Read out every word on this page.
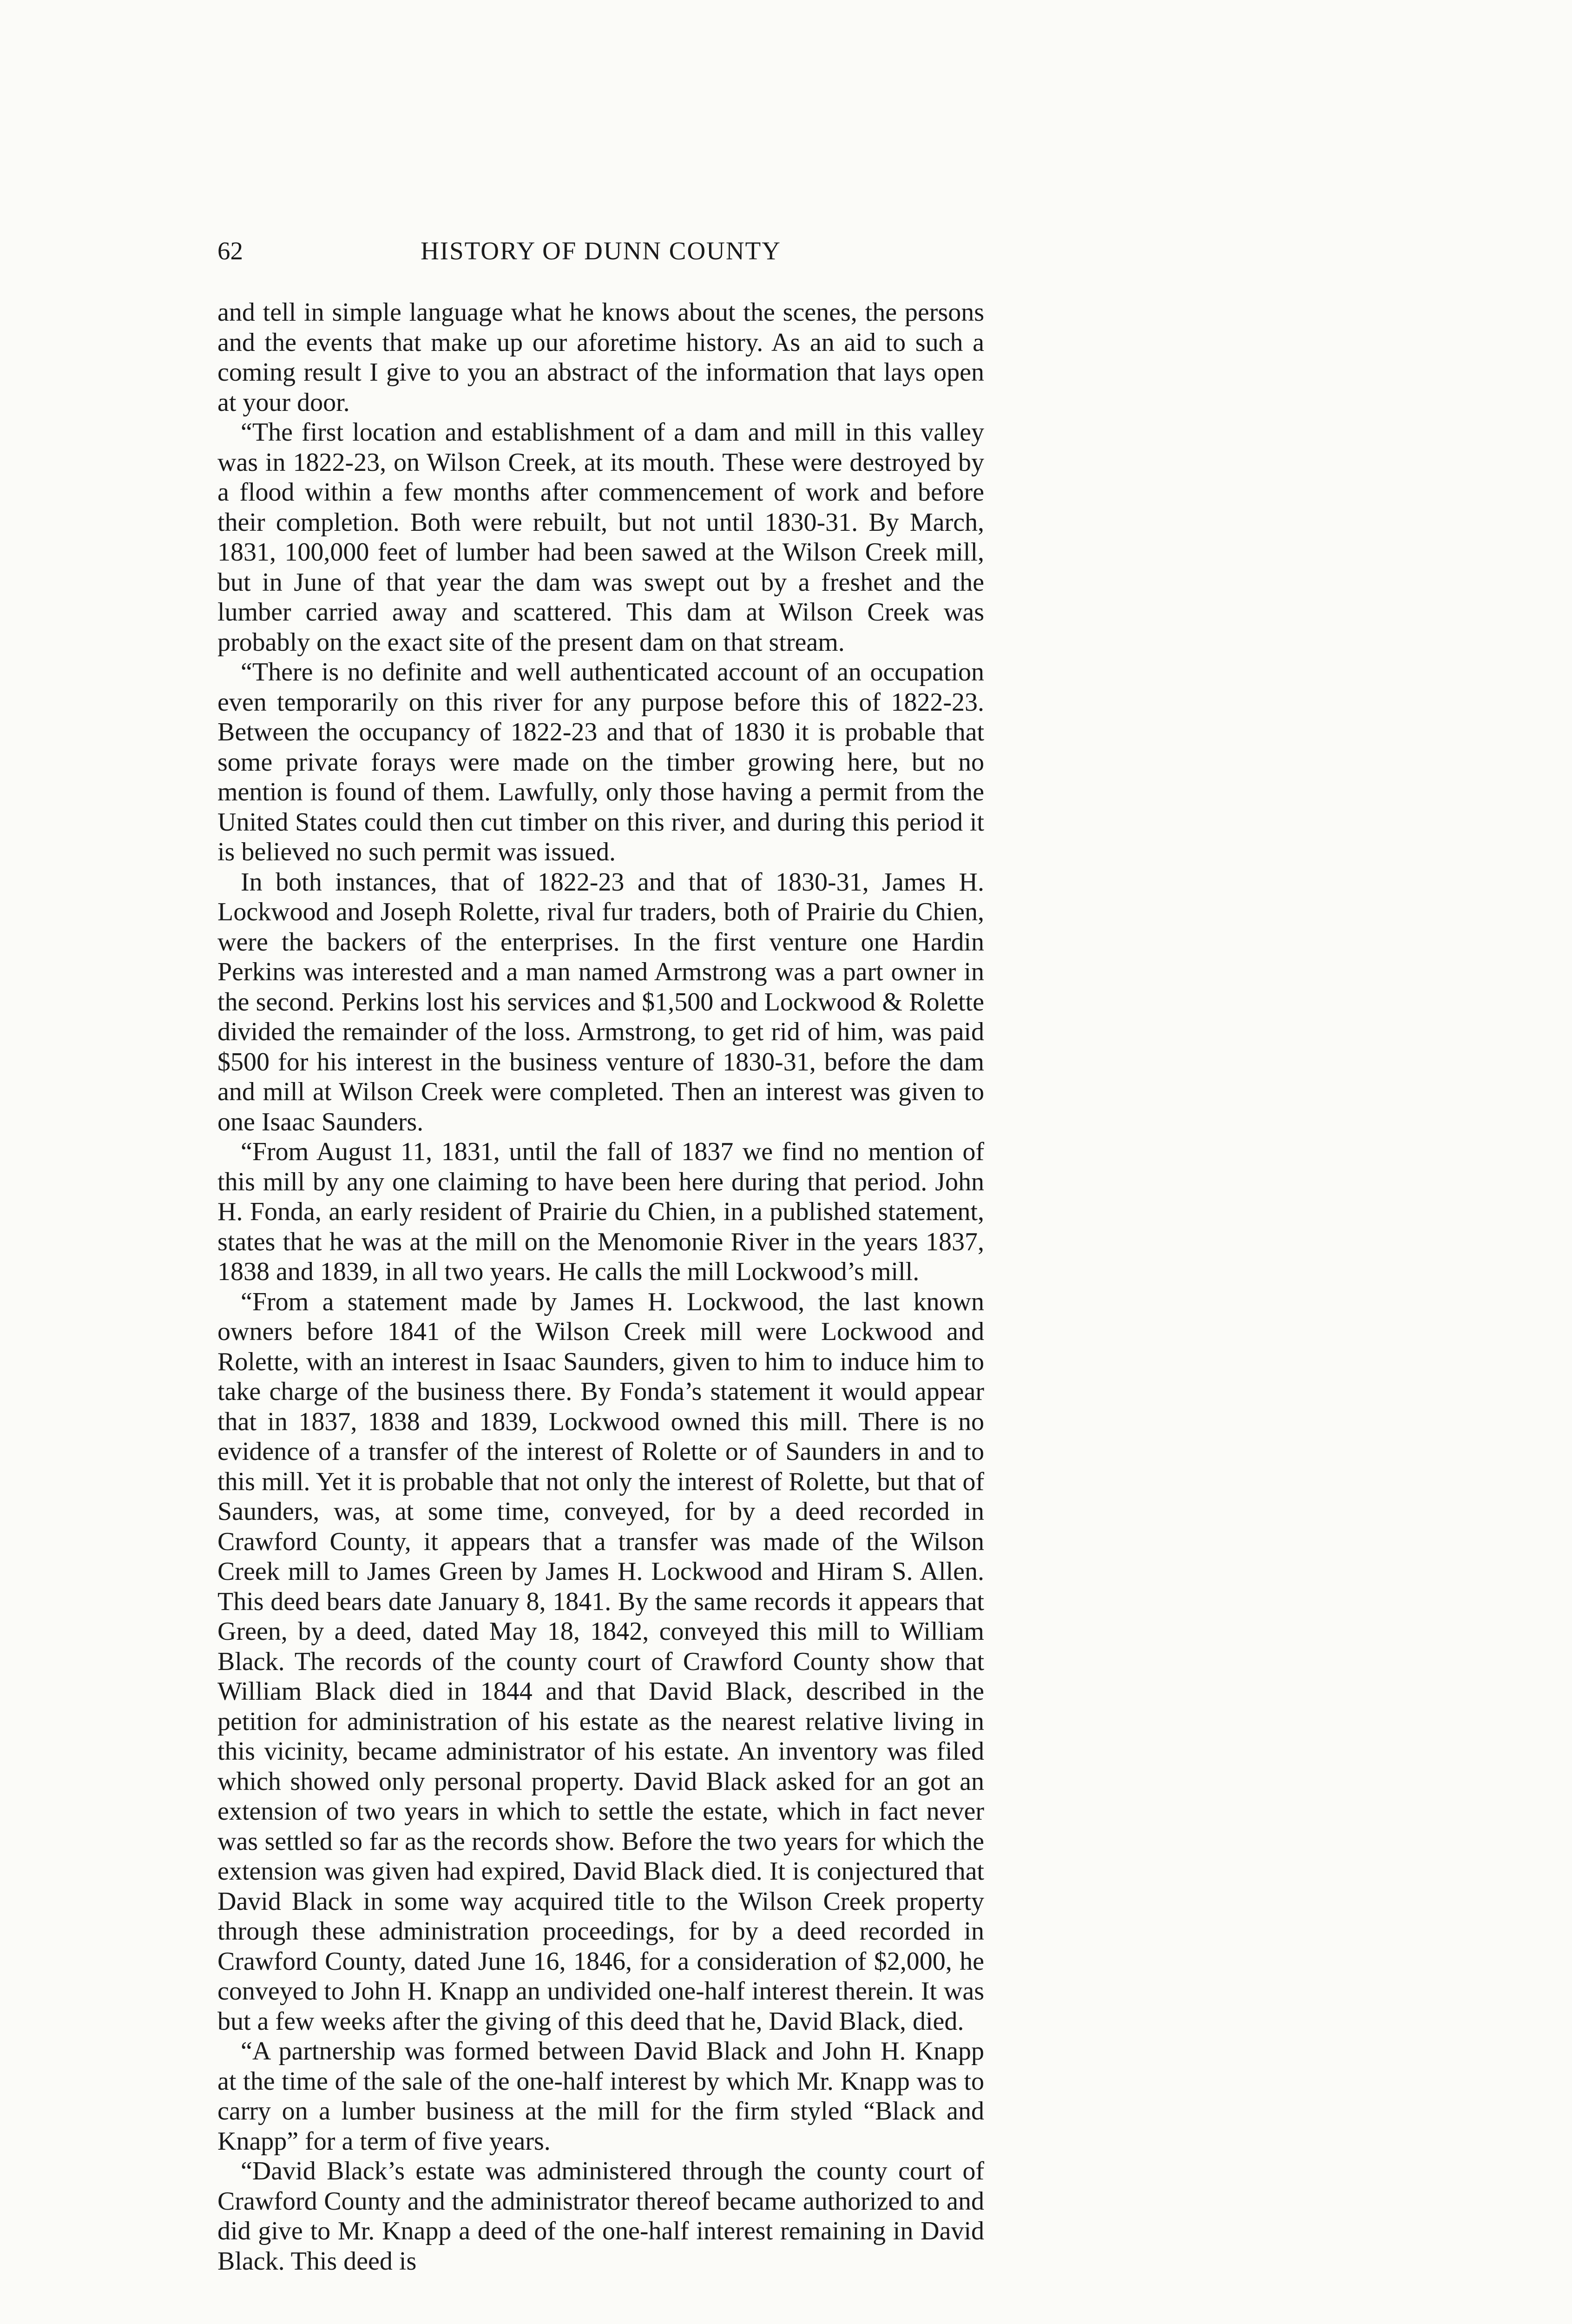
62	HISTORY OF DUNN COUNTY

and tell in simple language what he knows about the scenes, the persons and the events that make up our aforetime history. As an aid to such a coming result I give to you an abstract of the information that lays open at your door.

“The first location and establishment of a dam and mill in this valley was in 1822-23, on Wilson Creek, at its mouth. These were destroyed by a flood within a few months after commencement of work and before their completion. Both were rebuilt, but not until 1830-31. By March, 1831, 100,000 feet of lumber had been sawed at the Wilson Creek mill, but in June of that year the dam was swept out by a freshet and the lumber carried away and scattered. This dam at Wilson Creek was probably on the exact site of the present dam on that stream.

“There is no definite and well authenticated account of an occupation even temporarily on this river for any purpose before this of 1822-23. Between the occupancy of 1822-23 and that of 1830 it is probable that some private forays were made on the timber growing here, but no mention is found of them. Lawfully, only those having a permit from the United States could then cut timber on this river, and during this period it is believed no such permit was issued.

In both instances, that of 1822-23 and that of 1830-31, James H. Lockwood and Joseph Rolette, rival fur traders, both of Prairie du Chien, were the backers of the enterprises. In the first venture one Hardin Perkins was interested and a man named Armstrong was a part owner in the second. Perkins lost his services and $1,500 and Lockwood & Rolette divided the remainder of the loss. Armstrong, to get rid of him, was paid $500 for his interest in the business venture of 1830-31, before the dam and mill at Wilson Creek were completed. Then an interest was given to one Isaac Saunders.

“From August 11, 1831, until the fall of 1837 we find no mention of this mill by any one claiming to have been here during that period. John H. Fonda, an early resident of Prairie du Chien, in a published statement, states that he was at the mill on the Menomonie River in the years 1837, 1838 and 1839, in all two years. He calls the mill Lockwood’s mill.

“From a statement made by James H. Lockwood, the last known owners before 1841 of the Wilson Creek mill were Lockwood and Rolette, with an interest in Isaac Saunders, given to him to induce him to take charge of the business there. By Fonda’s statement it would appear that in 1837, 1838 and 1839, Lockwood owned this mill. There is no evidence of a transfer of the interest of Rolette or of Saunders in and to this mill. Yet it is probable that not only the interest of Rolette, but that of Saunders, was, at some time, conveyed, for by a deed recorded in Crawford County, it appears that a transfer was made of the Wilson Creek mill to James Green by James H. Lockwood and Hiram S. Allen. This deed bears date January 8, 1841. By the same records it appears that Green, by a deed, dated May 18, 1842, conveyed this mill to William Black. The records of the county court of Crawford County show that William Black died in 1844 and that David Black, described in the petition for administration of his estate as the nearest relative living in this vicinity, became administrator of his estate. An inventory was filed which showed only personal property. David Black asked for an got an extension of two years in which to settle the estate, which in fact never was settled so far as the records show. Before the two years for which the extension was given had expired, David Black died. It is conjectured that David Black in some way acquired title to the Wilson Creek property through these administration proceedings, for by a deed recorded in Crawford County, dated June 16, 1846, for a consideration of $2,000, he conveyed to John H. Knapp an undivided one-half interest therein. It was but a few weeks after the giving of this deed that he, David Black, died.

“A partnership was formed between David Black and John H. Knapp at the time of the sale of the one-half interest by which Mr. Knapp was to carry on a lumber business at the mill for the firm styled “Black and Knapp” for a term of five years.

“David Black’s estate was administered through the county court of Crawford County and the administrator thereof became authorized to and did give to Mr. Knapp a deed of the one-half interest remaining in David Black. This deed is
